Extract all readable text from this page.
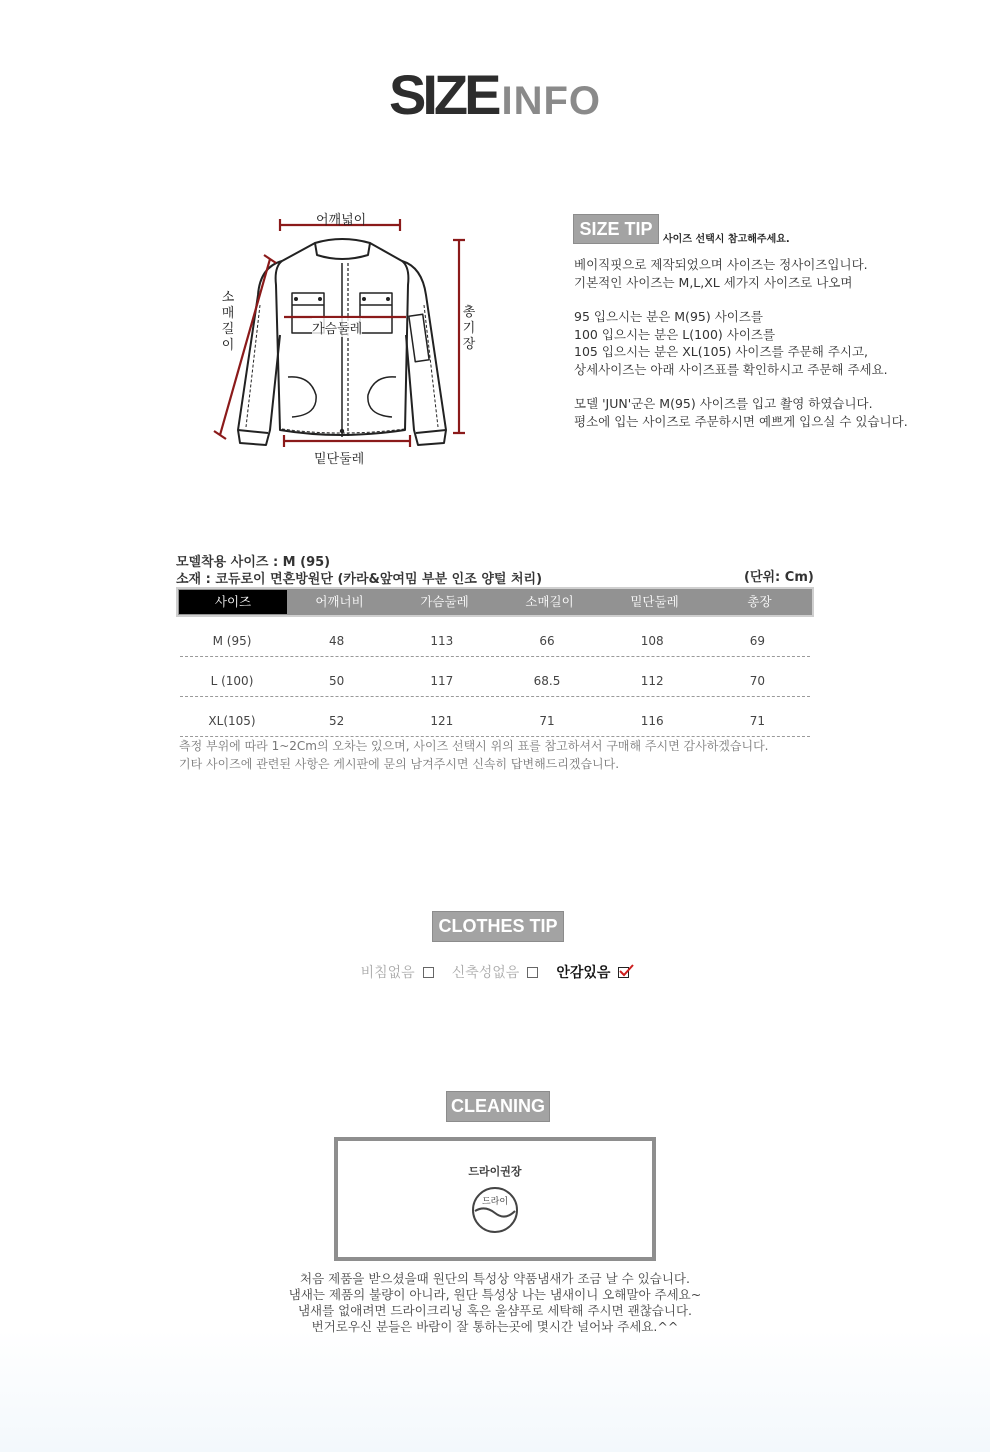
SIZE INFO
어깨넓이
가슴둘레
밑단둘레
소
매
길
이
총
기
장
SIZE TIP
사이즈 선택시 참고해주세요.

베이직핏으로 제작되었으며 사이즈는 정사이즈입니다.
기본적인 사이즈는 M,L,XL 세가지 사이즈로 나오며

95 입으시는 분은 M(95) 사이즈를
100 입으시는 분은 L(100) 사이즈를
105 입으시는 분은 XL(105) 사이즈를 주문해 주시고,
상세사이즈는 아래 사이즈표를 확인하시고 주문해 주세요.

모델 'JUN'군은 M(95) 사이즈를 입고 촬영 하였습니다.
평소에 입는 사이즈로 주문하시면 예쁘게 입으실 수 있습니다.

모델착용 사이즈 : M (95)
소재 : 코듀로이 면혼방원단 (카라&앞여밈 부분 인조 양털 처리)	(단위: Cm)
사이즈	어깨너비	가슴둘레	소매길이	밑단둘레	총장
M (95)	48	113	66	108	69
L (100)	50	117	68.5	112	70
XL(105)	52	121	71	116	71
측정 부위에 따라 1~2Cm의 오차는 있으며, 사이즈 선택시 위의 표를 참고하셔서 구매해 주시면 감사하겠습니다.
기타 사이즈에 관련된 사항은 게시판에 문의 남겨주시면 신속히 답변해드리겠습니다.
CLOTHES TIP
비침없음	신축성없음	안감있음
CLEANING
드라이권장
드라이
처음 제품을 받으셨을때 원단의 특성상 약품냄새가 조금 날 수 있습니다.
냄새는 제품의 불량이 아니라, 원단 특성상 나는 냄새이니 오해말아 주세요~
냄새를 없애려면 드라이크리닝 혹은 울샴푸로 세탁해 주시면 괜찮습니다.
번거로우신 분들은 바람이 잘 통하는곳에 몇시간 널어놔 주세요.^^
